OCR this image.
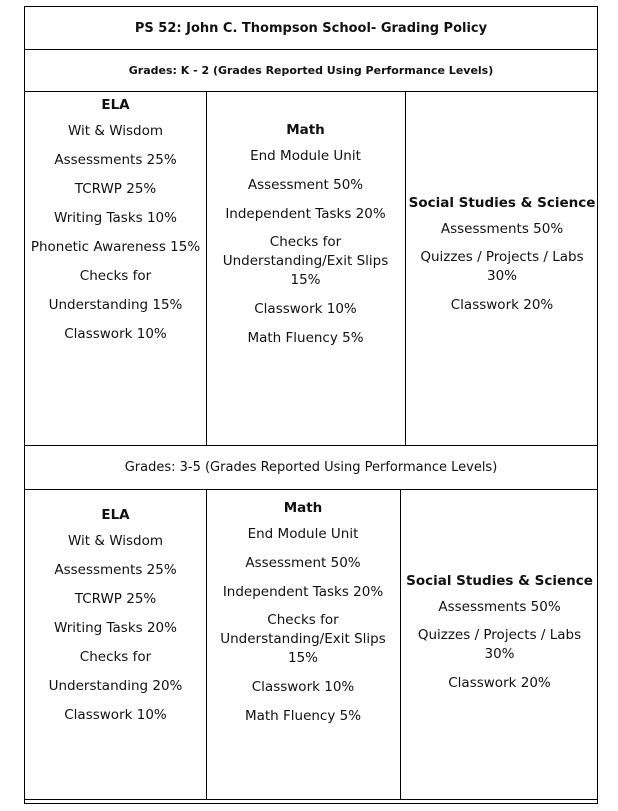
PS 52: John C. Thompson School- Grading Policy
Grades: K - 2 (Grades Reported Using Performance Levels)
ELA
Wit & Wisdom
Assessments 25%
TCRWP 25%
Writing Tasks 10%
Phonetic Awareness 15%
Checks for
Understanding 15%
Classwork 10%
Math
End Module Unit
Assessment 50%
Independent Tasks 20%
Checks for Understanding/Exit Slips 15%
Classwork 10%
Math Fluency 5%
Social Studies & Science
Assessments 50%
Quizzes / Projects / Labs 30%
Classwork 20%
Grades: 3-5 (Grades Reported Using Performance Levels)
ELA
Wit & Wisdom
Assessments 25%
TCRWP 25%
Writing Tasks 20%
Checks for
Understanding 20%
Classwork 10%
Math
End Module Unit
Assessment 50%
Independent Tasks 20%
Checks for Understanding/Exit Slips 15%
Classwork 10%
Math Fluency 5%
Social Studies & Science
Assessments 50%
Quizzes / Projects / Labs 30%
Classwork 20%
